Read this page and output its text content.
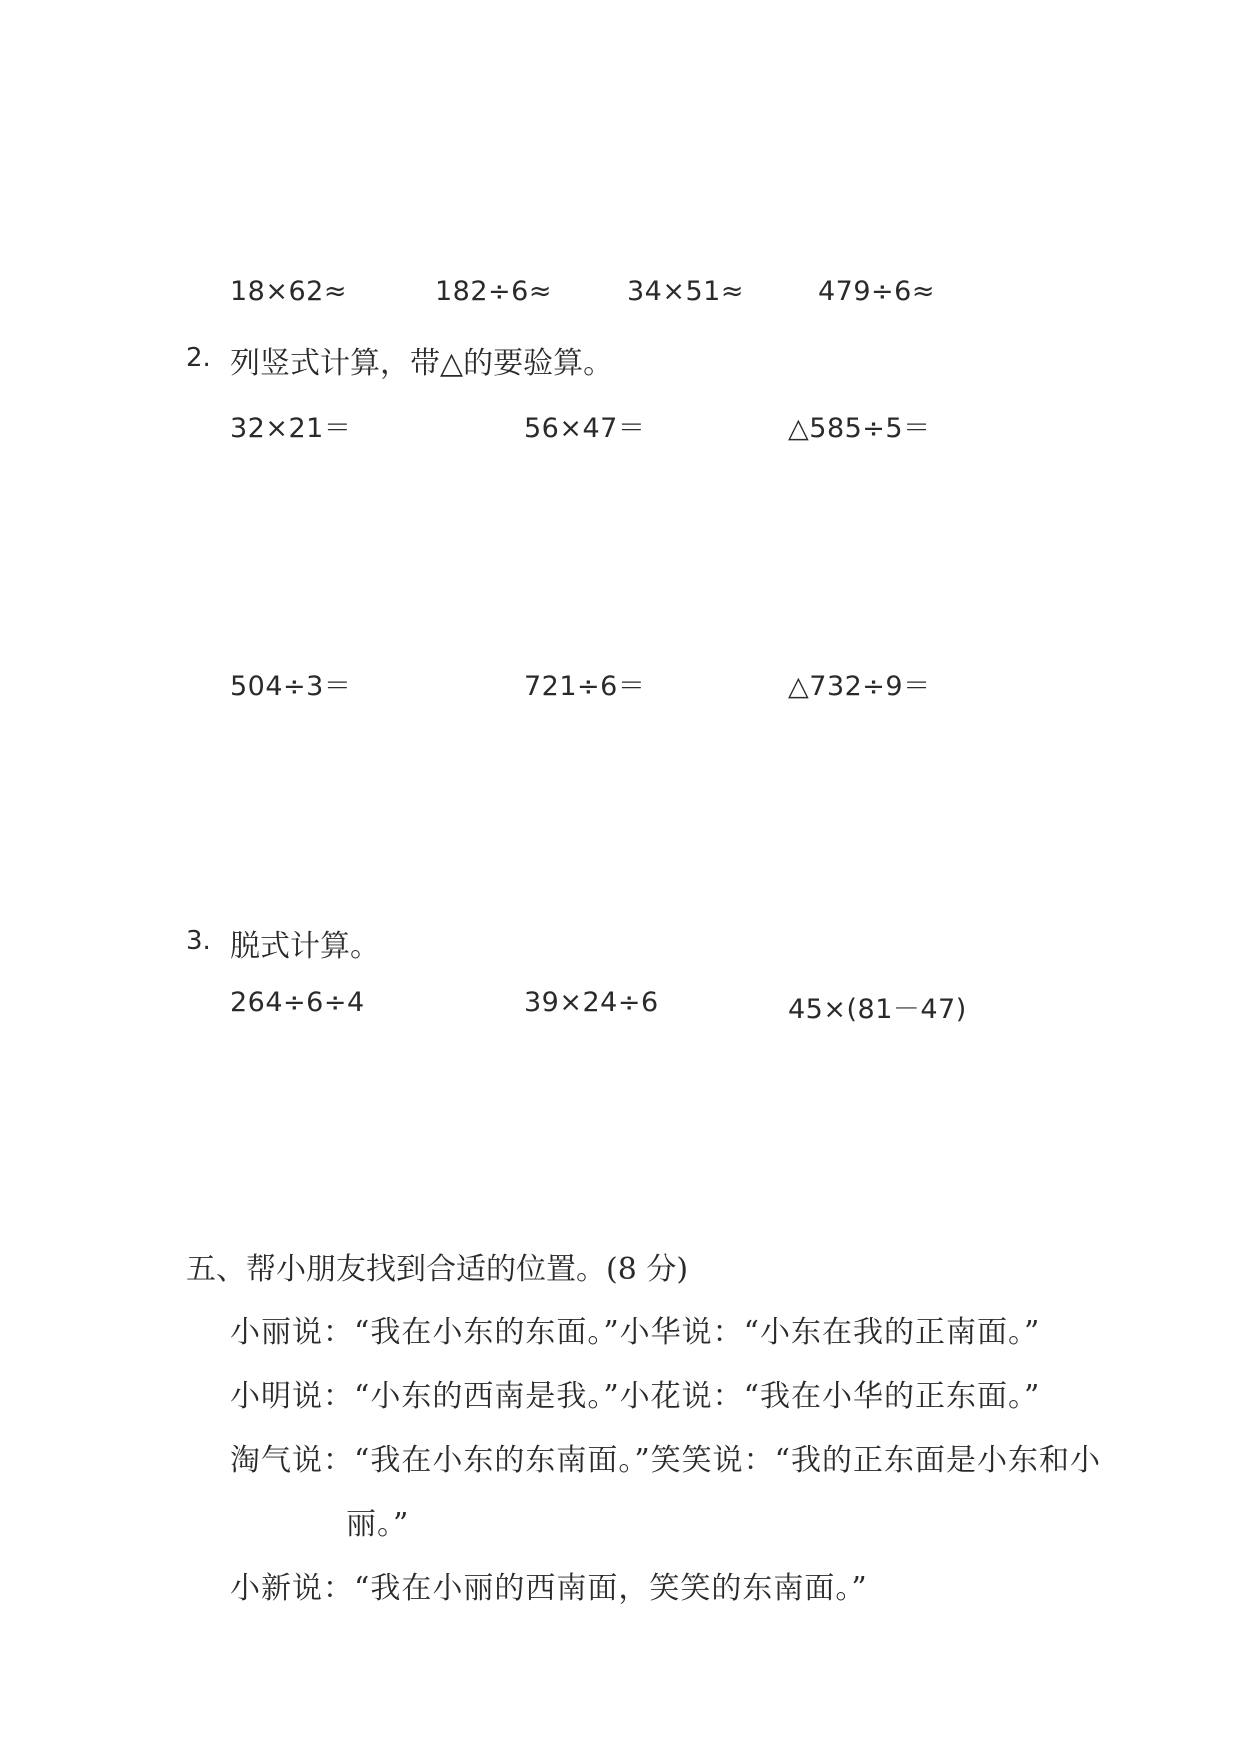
18×62≈	182÷6≈	34×51≈	479÷6≈
2. 列竖式计算，带△的要验算。
32×21＝	56×47＝	△585÷5＝
504÷3＝	721÷6＝	△732÷9＝
3. 脱式计算。
264÷6÷4	39×24÷6	45×(81－47)
五、帮小朋友找到合适的位置。(8 分)
小丽说：“我在小东的东面。”小华说：“小东在我的正南面。”
小明说：“小东的西南是我。”小花说：“我在小华的正东面。”
淘气说：“我在小东的东南面。”笑笑说：“我的正东面是小东和小
丽。”
小新说：“我在小丽的西南面，笑笑的东南面。”
